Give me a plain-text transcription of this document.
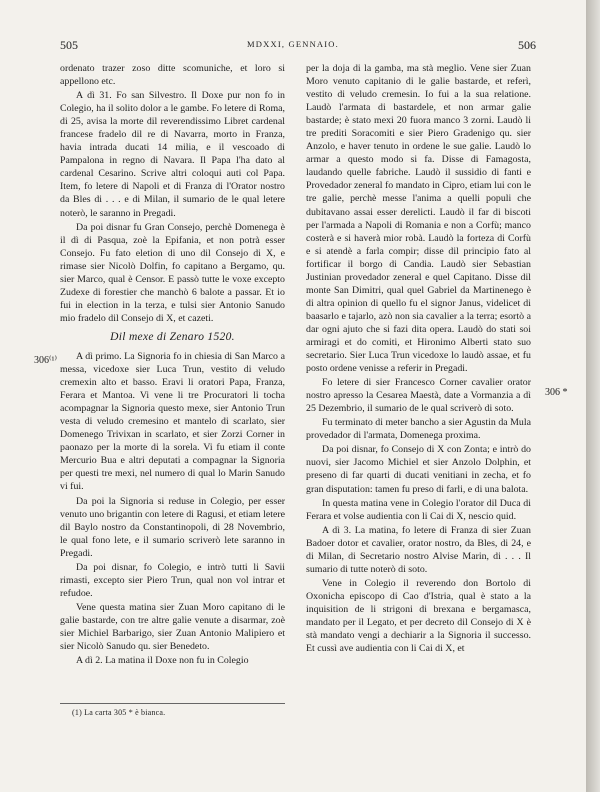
505	MDXXI, GENNAIO.	506

ordenato trazer zoso ditte scomuniche, et loro si appellono etc.

A dì 31. Fo san Silvestro. Il Doxe pur non fo in Colegio, ha il solito dolor a le gambe. Fo letere di Roma, di 25, avisa la morte dil reverendissimo Libret cardenal francese fradelo dil re di Navarra, morto in Franza, havia intrada ducati 14 milia, e il vescoado di Pampalona in regno di Navara. Il Papa l'ha dato al cardenal Cesarino. Scrive altri coloqui auti col Papa. Item, fo letere di Napoli et di Franza di l'Orator nostro da Bles di . . . e di Milan, il sumario de le qual letere noterò, le saranno in Pregadi.

Da poi disnar fu Gran Consejo, perchè Domenega è il dì di Pasqua, zoè la Epifania, et non potrà esser Consejo. Fu fato eletion di uno dil Consejo di X, e rimase sier Nicolò Dolfin, fo capitano a Bergamo, qu. sier Marco, qual è Censor. E passò tutte le voxe excepto Zudexe di forestier che manchò 6 balote a passar. Et io fui in election in la terza, e tulsi sier Antonio Sanudo mio fradelo dil Consejo di X, et cazeti.

Dil mexe di Zenaro 1520.

A dì primo. La Signoria fo in chiesia di San Marco a messa, vicedoxe sier Luca Trun, vestito di veludo cremexin alto et basso. Eravi li oratori Papa, Franza, Ferara et Mantoa. Vi vene li tre Procuratori li tocha acompagnar la Signoria questo mexe, sier Antonio Trun vesta di veludo cremesino et mantelo di scarlato, sier Domenego Trivixan in scarlato, et sier Zorzi Corner in paonazo per la morte di la sorela. Vi fu etiam il conte Mercurio Bua e altri deputati a compagnar la Signoria per questi tre mexi, nel numero di qual lo Marin Sanudo vi fui.

Da poi la Signoria si reduse in Colegio, per esser venuto uno brigantin con letere di Ragusi, et etiam letere dil Baylo nostro da Constantinopoli, di 28 Novembrio, le qual fono lete, e il sumario scriverò lete saranno in Pregadi.

Da poi disnar, fo Colegio, e intrò tutti li Savii rimasti, excepto sier Piero Trun, qual non vol intrar et refudoe.

Vene questa matina sier Zuan Moro capitano di le galie bastarde, con tre altre galie venute a disarmar, zoè sier Michiel Barbarigo, sier Zuan Antonio Malipiero et sier Nicolò Sanudo qu. sier Benedeto.

A dì 2. La matina il Doxe non fu in Colegio

per la doja di la gamba, ma stà meglio. Vene sier Zuan Moro venuto capitanio di le galie bastarde, et referì, vestito di veludo cremesin. Io fui a la sua relatione. Laudò l'armata di bastardele, et non armar galie bastarde; è stato mexi 20 fuora manco 3 zorni. Laudò li tre prediti Soracomiti e sier Piero Gradenigo qu. sier Anzolo, e haver tenuto in ordene le sue galie. Laudò lo armar a questo modo si fa. Disse di Famagosta, laudando quelle fabriche. Laudò il sussidio di fanti e Provedador zeneral fo mandato in Cipro, etiam lui con le tre galie, perchè messe l'anima a quelli populi che dubitavano assai esser derelicti. Laudò il far di biscoti per l'armada a Napoli di Romania e non a Corfù; manco costerà e si haverà mior robà. Laudò la forteza di Corfù e si atendè a farla compir; disse dil principio fato al fortificar il borgo di Candia. Laudò sier Sebastian Justinian provedador zeneral e quel Capitano. Disse dil monte San Dimitri, qual quel Gabriel da Martinenego è di altra opinion di quello fu el signor Janus, videlicet di baasarlo e tajarlo, azò non sia cavalier a la terra; esortò a dar ogni ajuto che si fazi dita opera. Laudò do stati soi armiragi et do comiti, et Hironimo Alberti stato suo secretario. Sier Luca Trun vicedoxe lo laudò assae, et fu posto ordene venisse a referir in Pregadi.

Fo letere di sier Francesco Corner cavalier orator nostro apresso la Cesarea Maestà, date a Vormanzia a dì 25 Dezembrio, il sumario de le qual scriverò di soto.

Fu terminato di meter bancho a sier Agustin da Mula provedador di l'armata, Domenega proxima.

Da poi disnar, fo Consejo di X con Zonta; e intrò do nuovi, sier Jacomo Michiel et sier Anzolo Dolphin, et preseno di far quarti di ducati venitiani in zecha, et fo gran disputation: tamen fu preso di farli, e di una balota.

In questa matina vene in Colegio l'orator dil Duca di Ferara et volse audientia con li Cai di X, nescio quid.

A dì 3. La matina, fo letere di Franza di sier Zuan Badoer dotor et cavalier, orator nostro, da Bles, di 24, e di Milan, di Secretario nostro Alvise Marin, di . . . Il sumario di tutte noterò di soto.

Vene in Colegio il reverendo don Bortolo di Oxonicha episcopo di Cao d'Istria, qual è stato a la inquisition de li strigoni di brexana e bergamasca, mandato per il Legato, et per decreto dil Consejo di X è stà mandato vengi a dechiarir a la Signoria il successo. Et cussì ave audientia con li Cai di X, et

306⁽¹⁾
306 *
(1) La carta 305 * è bianca.
